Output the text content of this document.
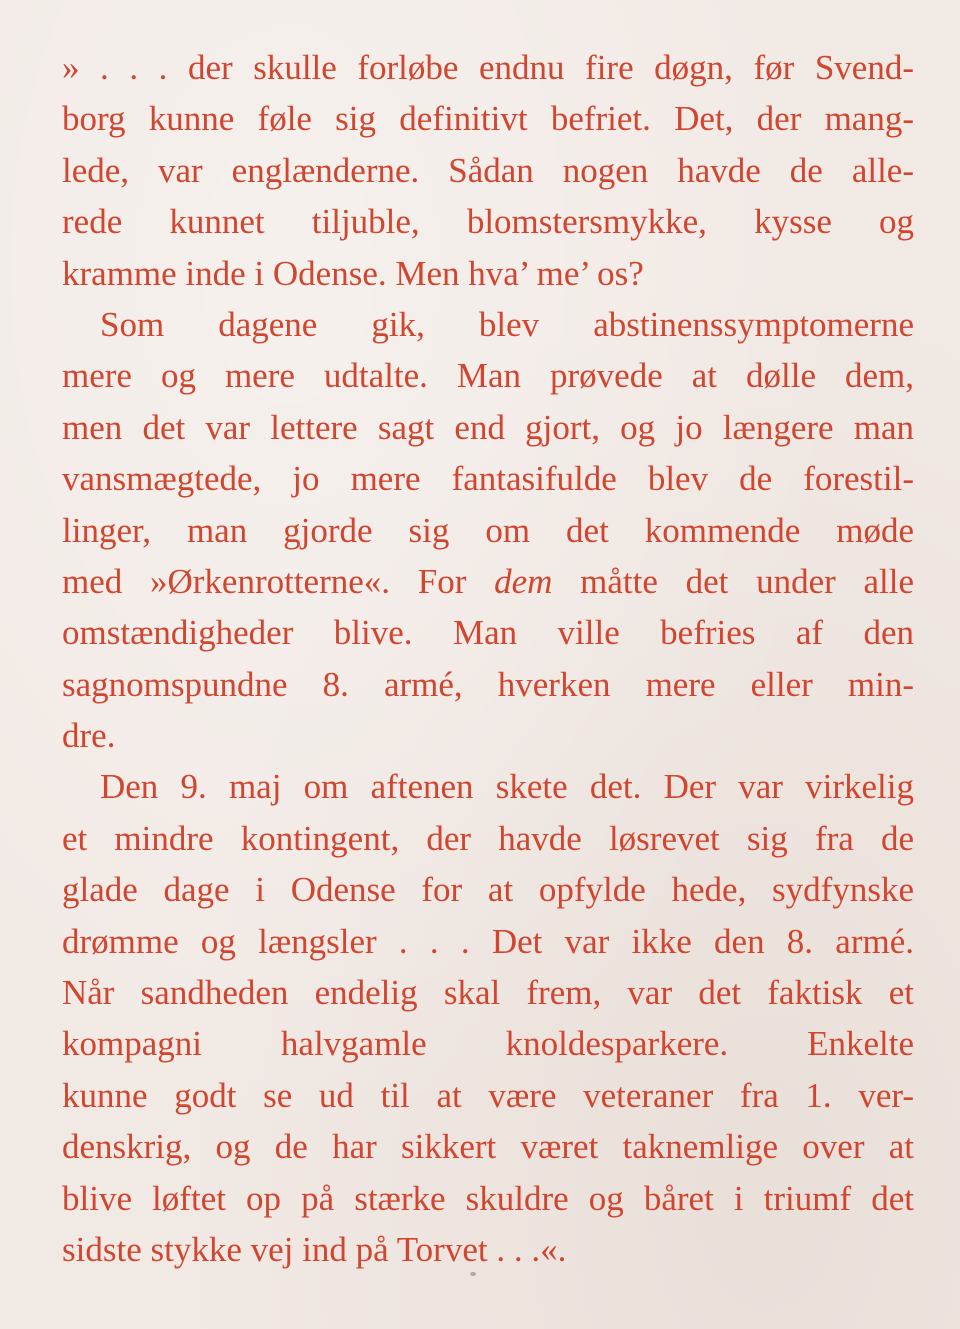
» . . . der skulle forløbe endnu fire døgn, før Svend-
borg kunne føle sig definitivt befriet. Det, der mang-
lede, var englænderne. Sådan nogen havde de alle-
rede kunnet tiljuble, blomstersmykke, kysse og
kramme inde i Odense. Men hva’ me’ os?
Som dagene gik, blev abstinenssymptomerne
mere og mere udtalte. Man prøvede at dølle dem,
men det var lettere sagt end gjort, og jo længere man
vansmægtede, jo mere fantasifulde blev de forestil-
linger, man gjorde sig om det kommende møde
med »Ørkenrotterne«. For dem måtte det under alle
omstændigheder blive. Man ville befries af den
sagnomspundne 8. armé, hverken mere eller min-
dre.
Den 9. maj om aftenen skete det. Der var virkelig
et mindre kontingent, der havde løsrevet sig fra de
glade dage i Odense for at opfylde hede, sydfynske
drømme og længsler . . . Det var ikke den 8. armé.
Når sandheden endelig skal frem, var det faktisk et
kompagni halvgamle knoldesparkere. Enkelte
kunne godt se ud til at være veteraner fra 1. ver-
denskrig, og de har sikkert været taknemlige over at
blive løftet op på stærke skuldre og båret i triumf det
sidste stykke vej ind på Torvet . . .«.
